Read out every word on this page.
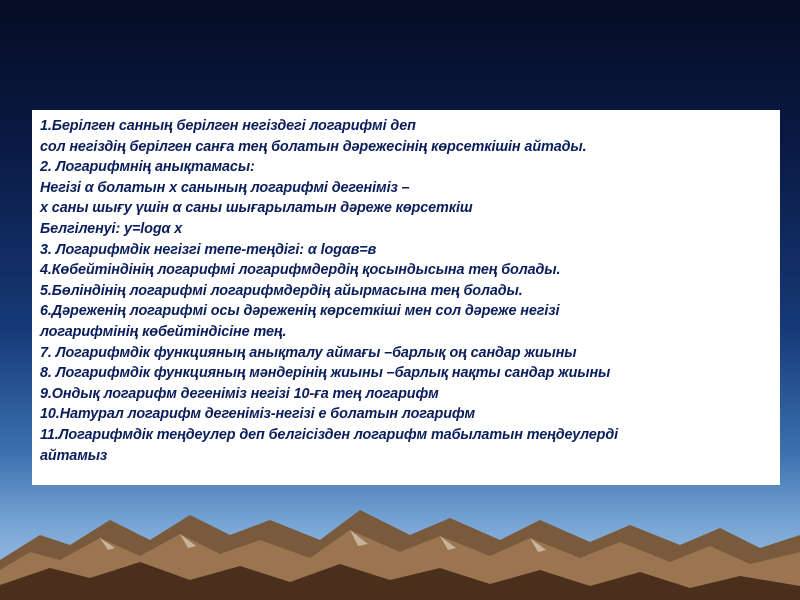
1.Берілген санның берілген негіздегі логарифмі деп
сол негіздің берілген санға тең болатын дәрежесінің көрсеткішін айтады.
2. Логарифмнің анықтамасы:
Негізі α болатын х санының логарифмі дегеніміз –
х саны шығу үшін α саны шығарылатын дәреже көрсеткіш
Белгіленуі: у=logα x
3. Логарифмдік негізгі тепе-теңдігі: α logαв=в
4.Көбейтіндінің логарифмі логарифмдердің қосындысына тең болады.
5.Бөліндінің логарифмі логарифмдердің айырмасына тең болады.
6.Дәреженің логарифмі осы дәреженің көрсеткіші мен сол дәреже негізі
логарифмінің көбейтіндісіне тең.
7. Логарифмдік функцияның анықталу аймағы –барлық оң сандар жиыны
8. Логарифмдік функцияның мәндерінің жиыны –барлық нақты сандар жиыны
9.Ондық логарифм дегеніміз негізі 10-ға тең логарифм
10.Натурал логарифм дегеніміз-негізі е болатын логарифм
11.Логарифмдік теңдеулер деп белгісізден логарифм табылатын теңдеулерді
айтамыз
